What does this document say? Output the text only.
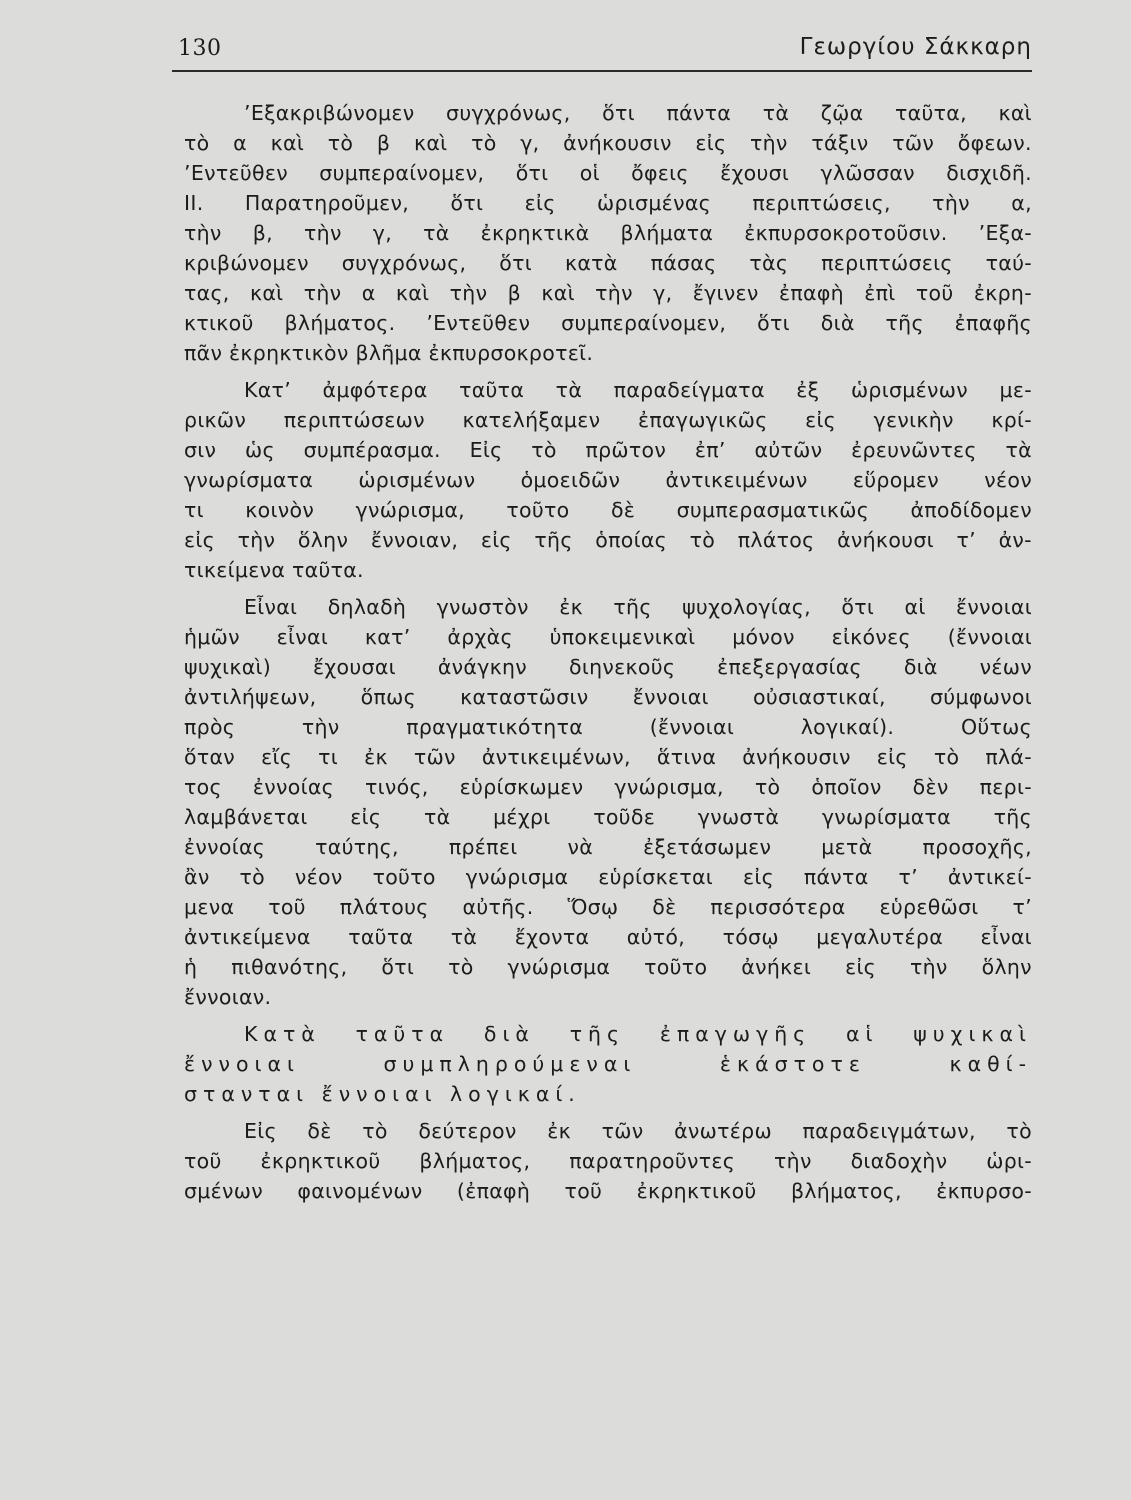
130	Γεωργίου Σάκκαρη
’Εξακριβώνομεν συγχρόνως, ὅτι πάντα τὰ ζῷα ταῦτα, καὶ
τὸ α καὶ τὸ β καὶ τὸ γ, ἀνήκουσιν εἰς τὴν τάξιν τῶν ὄφεων.
’Εντεῦθεν συμπεραίνομεν, ὅτι οἱ ὄφεις ἔχουσι γλῶσσαν δισχιδῆ.
II. Παρατηροῦμεν, ὅτι εἰς ὡρισμένας περιπτώσεις, τὴν α,
τὴν β, τὴν γ, τὰ ἐκρηκτικὰ βλήματα ἐκπυρσοκροτοῦσιν. ’Εξα-
κριβώνομεν συγχρόνως, ὅτι κατὰ πάσας τὰς περιπτώσεις ταύ-
τας, καὶ τὴν α καὶ τὴν β καὶ τὴν γ, ἔγινεν ἐπαφὴ ἐπὶ τοῦ ἐκρη-
κτικοῦ βλήματος. ’Εντεῦθεν συμπεραίνομεν, ὅτι διὰ τῆς ἐπαφῆς
πᾶν ἐκρηκτικὸν βλῆμα ἐκπυρσοκροτεῖ.
Κατ’ ἀμφότερα ταῦτα τὰ παραδείγματα ἐξ ὡρισμένων με-
ρικῶν περιπτώσεων κατελήξαμεν ἐπαγωγικῶς εἰς γενικὴν κρί-
σιν ὡς συμπέρασμα. Εἰς τὸ πρῶτον ἐπ’ αὐτῶν ἐρευνῶντες τὰ
γνωρίσματα ὡρισμένων ὁμοειδῶν ἀντικειμένων εὕρομεν νέον
τι κοινὸν γνώρισμα, τοῦτο δὲ συμπερασματικῶς ἀποδίδομεν
εἰς τὴν ὅλην ἔννοιαν, εἰς τῆς ὁποίας τὸ πλάτος ἀνήκουσι τ’ ἀν-
τικείμενα ταῦτα.
Εἶναι δηλαδὴ γνωστὸν ἐκ τῆς ψυχολογίας, ὅτι αἱ ἔννοιαι
ἡμῶν εἶναι κατ’ ἀρχὰς ὑποκειμενικαὶ μόνον εἰκόνες (ἔννοιαι
ψυχικαὶ) ἔχουσαι ἀνάγκην διηνεκοῦς ἐπεξεργασίας διὰ νέων
ἀντιλήψεων, ὅπως καταστῶσιν ἔννοιαι οὐσιαστικαί, σύμφωνοι
πρὸς	τὴν	πραγματικότητα	(ἔννοιαι	λογικαί).	Οὕτως
ὅταν εἴς τι ἐκ τῶν ἀντικειμένων, ἅτινα ἀνήκουσιν εἰς τὸ πλά-
τος ἐννοίας τινός, εὑρίσκωμεν γνώρισμα, τὸ ὁποῖον δὲν περι-
λαμβάνεται εἰς τὰ μέχρι τοῦδε γνωστὰ γνωρίσματα τῆς
ἐννοίας ταύτης, πρέπει νὰ ἐξετάσωμεν μετὰ προσοχῆς,
ἂν τὸ νέον τοῦτο γνώρισμα εὑρίσκεται εἰς πάντα τ’ ἀντικεί-
μενα τοῦ πλάτους αὐτῆς. Ὅσῳ δὲ περισσότερα εὑρεθῶσι τ’
ἀντικείμενα ταῦτα τὰ ἔχοντα αὐτό, τόσῳ μεγαλυτέρα εἶναι
ἡ πιθανότης, ὅτι τὸ γνώρισμα τοῦτο ἀνήκει εἰς τὴν ὅλην
ἔννοιαν.
Κατὰ ταῦτα διὰ τῆς ἐπαγωγῆς αἱ ψυχικαὶ
ἔννοιαι	συμπληρούμεναι	ἑκάστοτε	καθί-
στανται ἔννοιαι λογικαί.
Εἰς δὲ τὸ δεύτερον ἐκ τῶν ἀνωτέρω παραδειγμάτων, τὸ
τοῦ ἐκρηκτικοῦ βλήματος, παρατηροῦντες τὴν διαδοχὴν ὡρι-
σμένων φαινομένων (ἐπαφὴ τοῦ ἐκρηκτικοῦ βλήματος, ἐκπυρσο-
